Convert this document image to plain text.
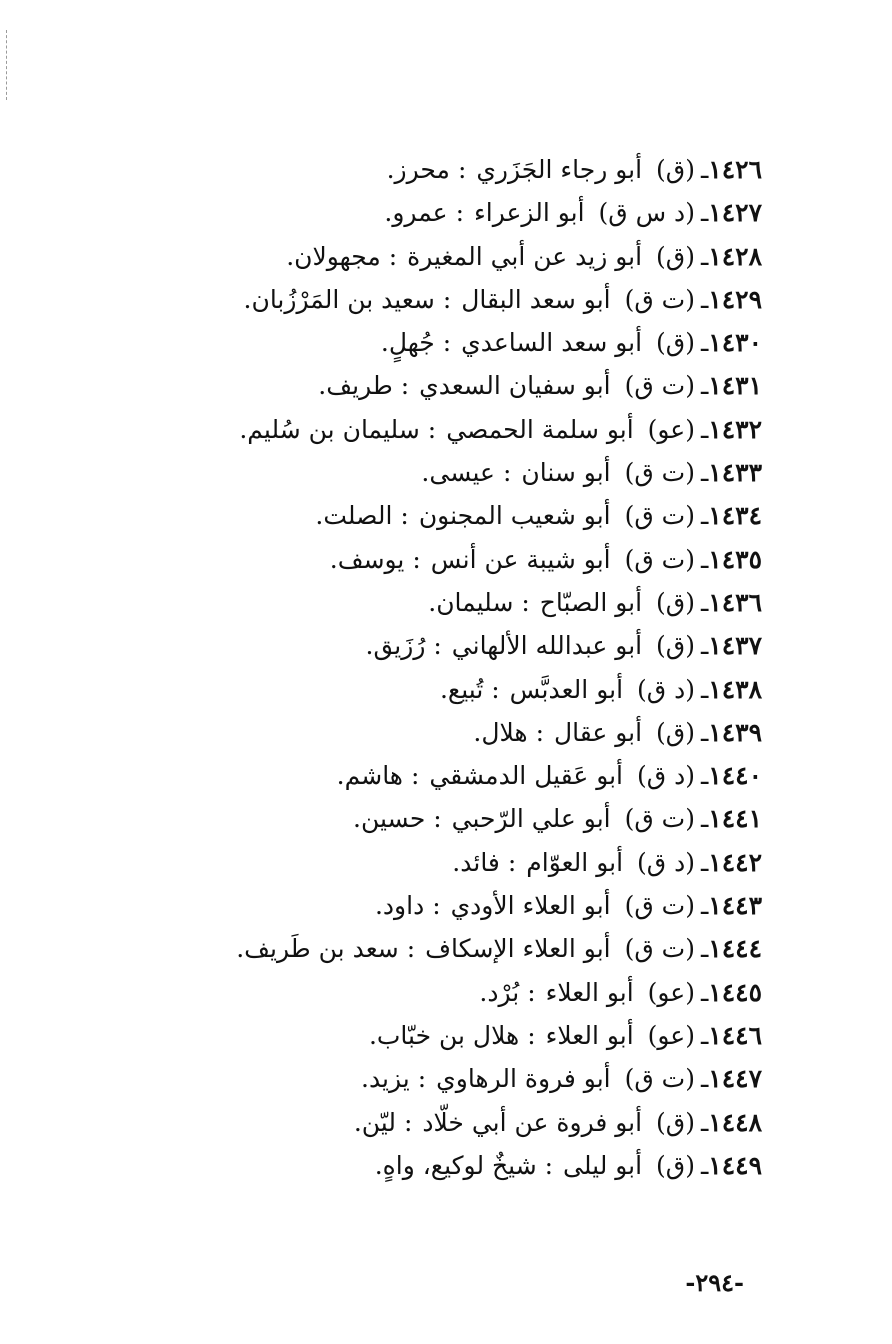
١٤٢٦ـ(ق) أبو رجاء الجَزَري :محرز.
١٤٢٧ـ(د س ق) أبو الزعراء :عمرو.
١٤٢٨ـ(ق) أبو زيد عن أبي المغيرة :مجهولان.
١٤٢٩ـ(ت ق) أبو سعد البقال :سعيد بن المَرْزُبان.
١٤٣٠ـ(ق) أبو سعد الساعدي :جُهلٍ.
١٤٣١ـ(ت ق) أبو سفيان السعدي :طريف.
١٤٣٢ـ(عو) أبو سلمة الحمصي :سليمان بن سُليم.
١٤٣٣ـ(ت ق) أبو سنان :عيسى.
١٤٣٤ـ(ت ق) أبو شعيب المجنون :الصلت.
١٤٣٥ـ(ت ق) أبو شيبة عن أنس :يوسف.
١٤٣٦ـ(ق) أبو الصبّاح :سليمان.
١٤٣٧ـ(ق) أبو عبدالله الألهاني :رُزَيق.
١٤٣٨ـ(د ق) أبو العدبَّس :تُبيع.
١٤٣٩ـ(ق) أبو عقال :هلال.
١٤٤٠ـ(د ق) أبو عَقيل الدمشقي :هاشم.
١٤٤١ـ(ت ق) أبو علي الرّحبي :حسين.
١٤٤٢ـ(د ق) أبو العوّام :فائد.
١٤٤٣ـ(ت ق) أبو العلاء الأودي :داود.
١٤٤٤ـ(ت ق) أبو العلاء الإسكاف :سعد بن طَريف.
١٤٤٥ـ(عو) أبو العلاء :بُرْد.
١٤٤٦ـ(عو) أبو العلاء :هلال بن خبّاب.
١٤٤٧ـ(ت ق) أبو فروة الرهاوي :يزيد.
١٤٤٨ـ(ق) أبو فروة عن أبي خلّاد :ليّن.
١٤٤٩ـ(ق) أبو ليلى :شيخٌ لوكيع، واهٍ.
-٢٩٤-
